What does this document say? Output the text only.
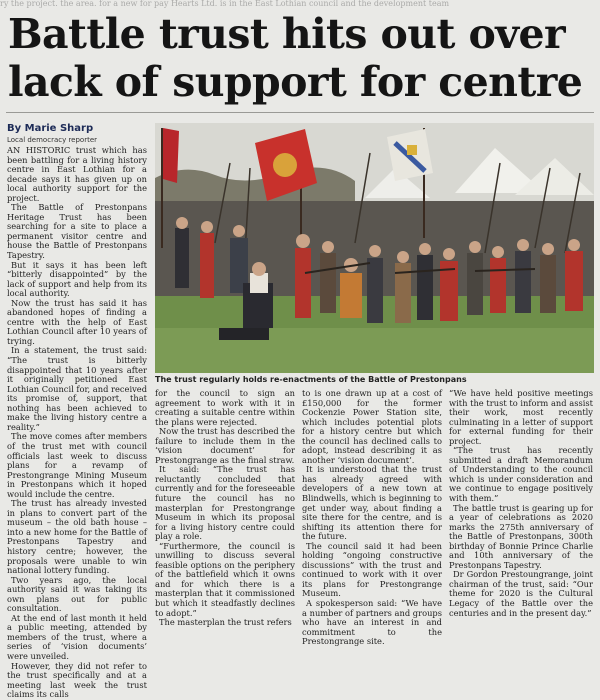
ry the project. the area. for a new for pay Hearts Ltd. is in the East Lothian council and the development team
Battle trust hits out over lack of support for centre
By Marie Sharp
Local democracy reporter

AN HISTORIC trust which has been battling for a living history centre in East Lothian for a decade says it has given up on local authority support for the project.

The Battle of Prestonpans Heritage Trust has been searching for a site to place a permanent visitor centre and house the Battle of Prestonpans Tapestry.

But it says it has been left “bitterly disappointed” by the lack of support and help from its local authority.

Now the trust has said it has abandoned hopes of finding a centre with the help of East Lothian Council after 10 years of trying.

In a statement, the trust said: “The trust is bitterly disappointed that 10 years after it originally petitioned East Lothian Council for, and received its promise of, support, that nothing has been achieved to make the living history centre a reality.”

The move comes after members of the trust met with council officials last week to discuss plans for a revamp of Prestongrange Mining Museum in Prestonpans which it hoped would include the centre.

The trust has already invested in plans to convert part of the museum – the old bath house – into a new home for the Battle of Prestonpans Tapestry and history centre; however, the proposals were unable to win national lottery funding.

Two years ago, the local authority said it was taking its own plans out for public consultation.

At the end of last month it held a public meeting, attended by members of the trust, where a series of ‘vision documents’ were unveiled.

However, they did not refer to the trust specifically and at a meeting last week the trust claims its calls

The trust regularly holds re-enactments of the Battle of Prestonpans

for the council to sign an agreement to work with it in creating a suitable centre within the plans were rejected.

Now the trust has described the failure to include them in the ‘vision document’ for Prestongrange as the final straw.

It said: “The trust has reluctantly concluded that currently and for the foreseeable future the council has no masterplan for Prestongrange Museum in which its proposal for a living history centre could play a role.

“Furthermore, the council is unwilling to discuss several feasible options on the periphery of the battlefield which it owns and for which there is a masterplan that it commissioned but which it steadfastly declines to adopt.”

The masterplan the trust refers

to is one drawn up at a cost of £150,000 for the former Cockenzie Power Station site, which includes potential plots for a history centre but which the council has declined calls to adopt, instead describing it as another ‘vision document’.

It is understood that the trust has already agreed with developers of a new town at Blindwells, which is beginning to get under way, about finding a site there for the centre, and is shifting its attention there for the future.

The council said it had been holding “ongoing constructive discussions” with the trust and continued to work with it over its plans for Prestongrange Museum.

A spokesperson said: “We have a number of partners and groups who have an interest in and commitment to the Prestongrange site.

“We have held positive meetings with the trust to inform and assist their work, most recently culminating in a letter of support for external funding for their project.

“The trust has recently submitted a draft Memorandum of Understanding to the council which is under consideration and we continue to engage positively with them.”

The battle trust is gearing up for a year of celebrations as 2020 marks the 275th anniversary of the Battle of Prestonpans, 300th birthday of Bonnie Prince Charlie and 10th anniversary of the Prestonpans Tapestry.

Dr Gordon Prestoungrange, joint chairman of the trust, said: “Our theme for 2020 is the Cultural Legacy of the Battle over the centuries and in the present day.”
